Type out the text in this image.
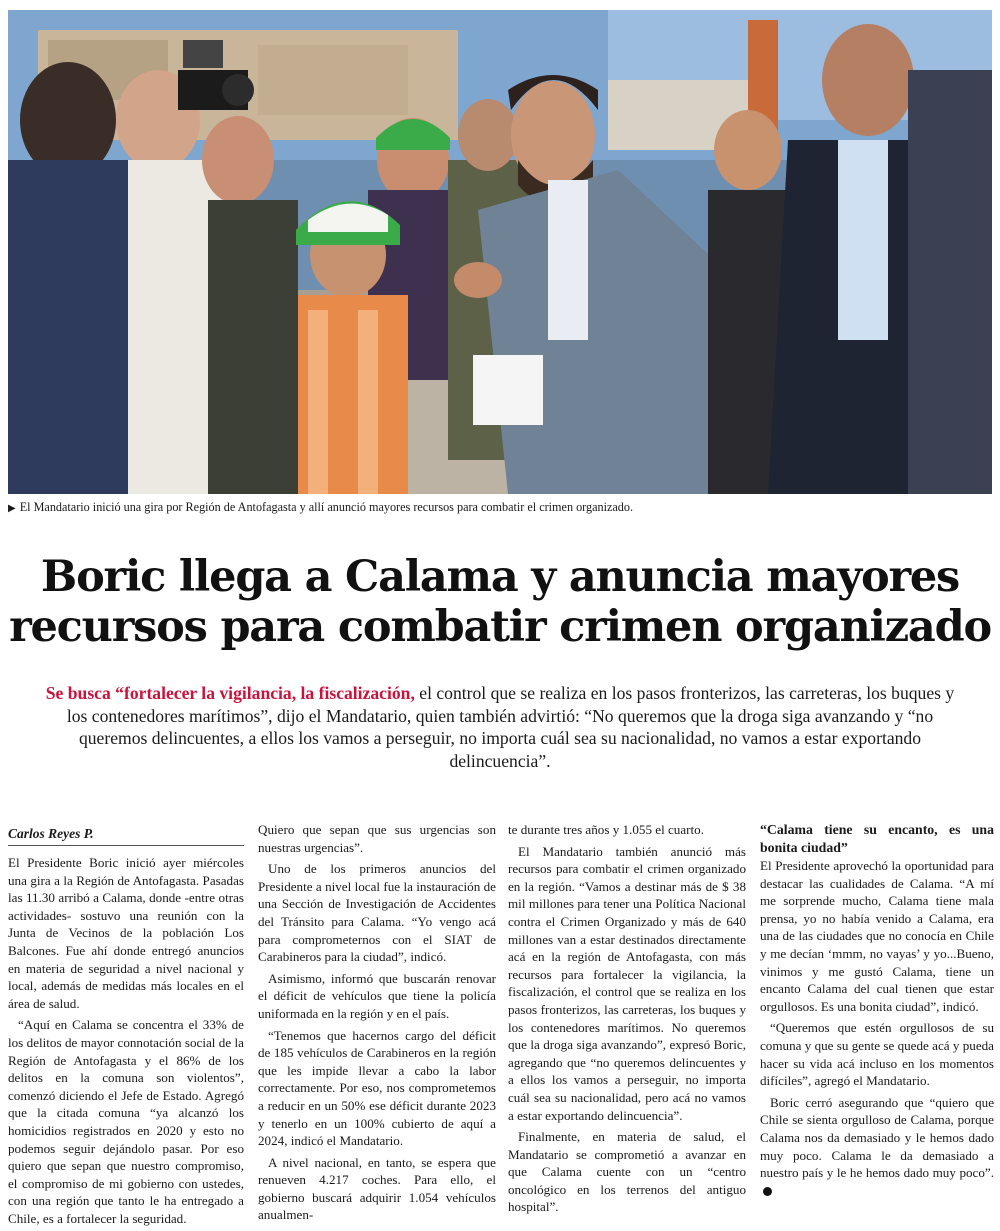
▶ El Mandatario inició una gira por Región de Antofagasta y allí anunció mayores recursos para combatir el crimen organizado.
Boric llega a Calama y anuncia mayores
recursos para combatir crimen organizado
Se busca “fortalecer la vigilancia, la fiscalización, el control que se realiza en los pasos fronterizos, las carreteras, los buques y los contenedores marítimos”, dijo el Mandatario, quien también advirtió: “No queremos que la droga siga avanzando y “no queremos delincuentes, a ellos los vamos a perseguir, no importa cuál sea su nacionalidad, no vamos a estar exportando delincuencia”.
Carlos Reyes P.

El Presidente Boric inició ayer miércoles una gira a la Región de Antofagasta. Pasadas las 11.30 arribó a Calama, donde -entre otras actividades- sostuvo una reunión con la Junta de Vecinos de la población Los Balcones. Fue ahí donde entregó anuncios en materia de seguridad a nivel nacional y local, además de medidas más locales en el área de salud.

“Aquí en Calama se concentra el 33% de los delitos de mayor connotación social de la Región de Antofagasta y el 86% de los delitos en la comuna son violentos”, comenzó diciendo el Jefe de Estado. Agregó que la citada comuna “ya alcanzó los homicidios registrados en 2020 y esto no podemos seguir dejándolo pasar. Por eso quiero que sepan que nuestro compromiso, el compromiso de mi gobierno con ustedes, con una región que tanto le ha entregado a Chile, es a fortalecer la seguridad.

Quiero que sepan que sus urgencias son nuestras urgencias”.

Uno de los primeros anuncios del Presidente a nivel local fue la instauración de una Sección de Investigación de Accidentes del Tránsito para Calama. “Yo vengo acá para comprometernos con el SIAT de Carabineros para la ciudad”, indicó.

Asimismo, informó que buscarán renovar el déficit de vehículos que tiene la policía uniformada en la región y en el país.

“Tenemos que hacernos cargo del déficit de 185 vehículos de Carabineros en la región que les impide llevar a cabo la labor correctamente. Por eso, nos comprometemos a reducir en un 50% ese déficit durante 2023 y tenerlo en un 100% cubierto de aquí a 2024, indicó el Mandatario.

A nivel nacional, en tanto, se espera que renueven 4.217 coches. Para ello, el gobierno buscará adquirir 1.054 vehículos anualmen-

te durante tres años y 1.055 el cuarto.

El Mandatario también anunció más recursos para combatir el crimen organizado en la región. “Vamos a destinar más de $ 38 mil millones para tener una Política Nacional contra el Crimen Organizado y más de 640 millones van a estar destinados directamente acá en la región de Antofagasta, con más recursos para fortalecer la vigilancia, la fiscalización, el control que se realiza en los pasos fronterizos, las carreteras, los buques y los contenedores marítimos. No queremos que la droga siga avanzando”, expresó Boric, agregando que “no queremos delincuentes y a ellos los vamos a perseguir, no importa cuál sea su nacionalidad, pero acá no vamos a estar exportando delincuencia”.

Finalmente, en materia de salud, el Mandatario se comprometió a avanzar en que Calama cuente con un “centro oncológico en los terrenos del antiguo hospital”.

“Calama tiene su encanto, es una bonita ciudad”

El Presidente aprovechó la oportunidad para destacar las cualidades de Calama. “A mí me sorprende mucho, Calama tiene mala prensa, yo no había venido a Calama, era una de las ciudades que no conocía en Chile y me decían ‘mmm, no vayas’ y yo...Bueno, vinimos y me gustó Calama, tiene un encanto Calama del cual tienen que estar orgullosos. Es una bonita ciudad”, indicó.

“Queremos que estén orgullosos de su comuna y que su gente se quede acá y pueda hacer su vida acá incluso en los momentos difíciles”, agregó el Mandatario.

Boric cerró asegurando que “quiero que Chile se sienta orgulloso de Calama, porque Calama nos da demasiado y le hemos dado muy poco. Calama le da demasiado a nuestro país y le he hemos dado muy poco”.
